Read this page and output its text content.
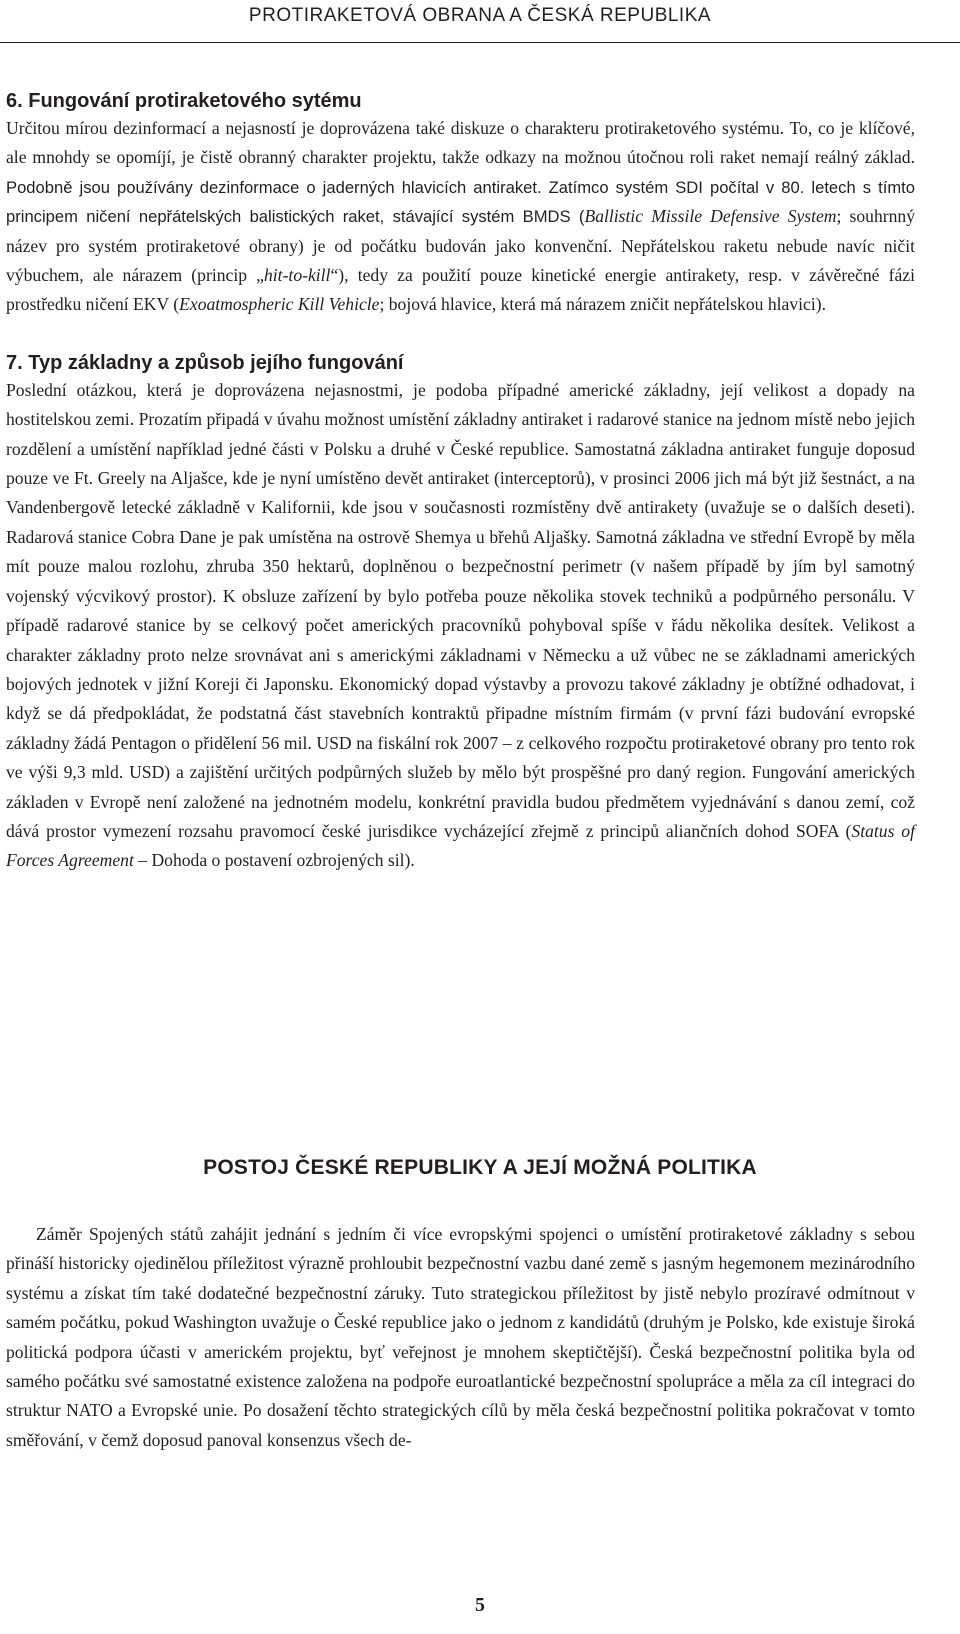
PROTIRAKETOVÁ OBRANA A ČESKÁ REPUBLIKA
6. Fungování protiraketového sytému

Určitou mírou dezinformací a nejasností je doprovázena také diskuze o charakteru protiraketového systému. To, co je klíčové, ale mnohdy se opomíjí, je čistě obranný charakter projektu, takže odkazy na možnou útočnou roli raket nemají reálný základ. Podobně jsou používány dezinformace o jaderných hlavicích antiraket. Zatímco systém SDI počítal v 80. letech s tímto principem ničení nepřátelských balistických raket, stávající systém BMDS (Ballistic Missile Defensive System; souhrnný název pro systém protiraketové obrany) je od počátku budován jako konvenční. Nepřátelskou raketu nebude navíc ničit výbuchem, ale nárazem (princip „hit-to-kill“), tedy za použití pouze kinetické energie antirakety, resp. v závěrečné fázi prostředku ničení EKV (Exoatmospheric Kill Vehicle; bojová hlavice, která má nárazem zničit nepřátelskou hlavici).

7. Typ základny a způsob jejího fungování

Poslední otázkou, která je doprovázena nejasnostmi, je podoba případné americké základny, její velikost a dopady na hostitelskou zemi. Prozatím připadá v úvahu možnost umístění základny antiraket i radarové stanice na jednom místě nebo jejich rozdělení a umístění například jedné části v Polsku a druhé v České republice. Samostatná základna antiraket funguje doposud pouze ve Ft. Greely na Aljašce, kde je nyní umístěno devět antiraket (interceptorů), v prosinci 2006 jich má být již šestnáct, a na Vandenbergově letecké základně v Kalifornii, kde jsou v současnosti rozmístěny dvě antirakety (uvažuje se o dalších deseti). Radarová stanice Cobra Dane je pak umístěna na ostrově Shemya u břehů Aljašky. Samotná základna ve střední Evropě by měla mít pouze malou rozlohu, zhruba 350 hektarů, doplněnou o bezpečnostní perimetr (v našem případě by jím byl samotný vojenský výcvikový prostor). K obsluze zařízení by bylo potřeba pouze několika stovek techniků a podpůrného personálu. V případě radarové stanice by se celkový počet amerických pracovníků pohyboval spíše v řádu několika desítek. Velikost a charakter základny proto nelze srovnávat ani s americkými základnami v Německu a už vůbec ne se základnami amerických bojových jednotek v jižní Koreji či Japonsku. Ekonomický dopad výstavby a provozu takové základny je obtížné odhadovat, i když se dá předpokládat, že podstatná část stavebních kontraktů připadne místním firmám (v první fázi budování evropské základny žádá Pentagon o přidělení 56 mil. USD na fiskální rok 2007 – z celkového rozpočtu protiraketové obrany pro tento rok ve výši 9,3 mld. USD) a zajištění určitých podpůrných služeb by mělo být prospěšné pro daný region. Fungování amerických základen v Evropě není založené na jednotném modelu, konkrétní pravidla budou předmětem vyjednávání s danou zemí, což dává prostor vymezení rozsahu pravomocí české jurisdikce vycházející zřejmě z principů aliančních dohod SOFA (Status of Forces Agreement – Dohoda o postavení ozbrojených sil).

POSTOJ ČESKÉ REPUBLIKY A JEJÍ MOŽNÁ POLITIKA

Záměr Spojených států zahájit jednání s jedním či více evropskými spojenci o umístění protiraketové základny s sebou přináší historicky ojedinělou příležitost výrazně prohloubit bezpečnostní vazbu dané země s jasným hegemonem mezinárodního systému a získat tím také dodatečné bezpečnostní záruky. Tuto strategickou příležitost by jistě nebylo prozíravé odmítnout v samém počátku, pokud Washington uvažuje o České republice jako o jednom z kandidátů (druhým je Polsko, kde existuje široká politická podpora účasti v americkém projektu, byť veřejnost je mnohem skeptičtější). Česká bezpečnostní politika byla od samého počátku své samostatné existence založena na podpoře euroatlantické bezpečnostní spolupráce a měla za cíl integraci do struktur NATO a Evropské unie. Po dosažení těchto strategických cílů by měla česká bezpečnostní politika pokračovat v tomto směřování, v čemž doposud panoval konsenzus všech de-

5
